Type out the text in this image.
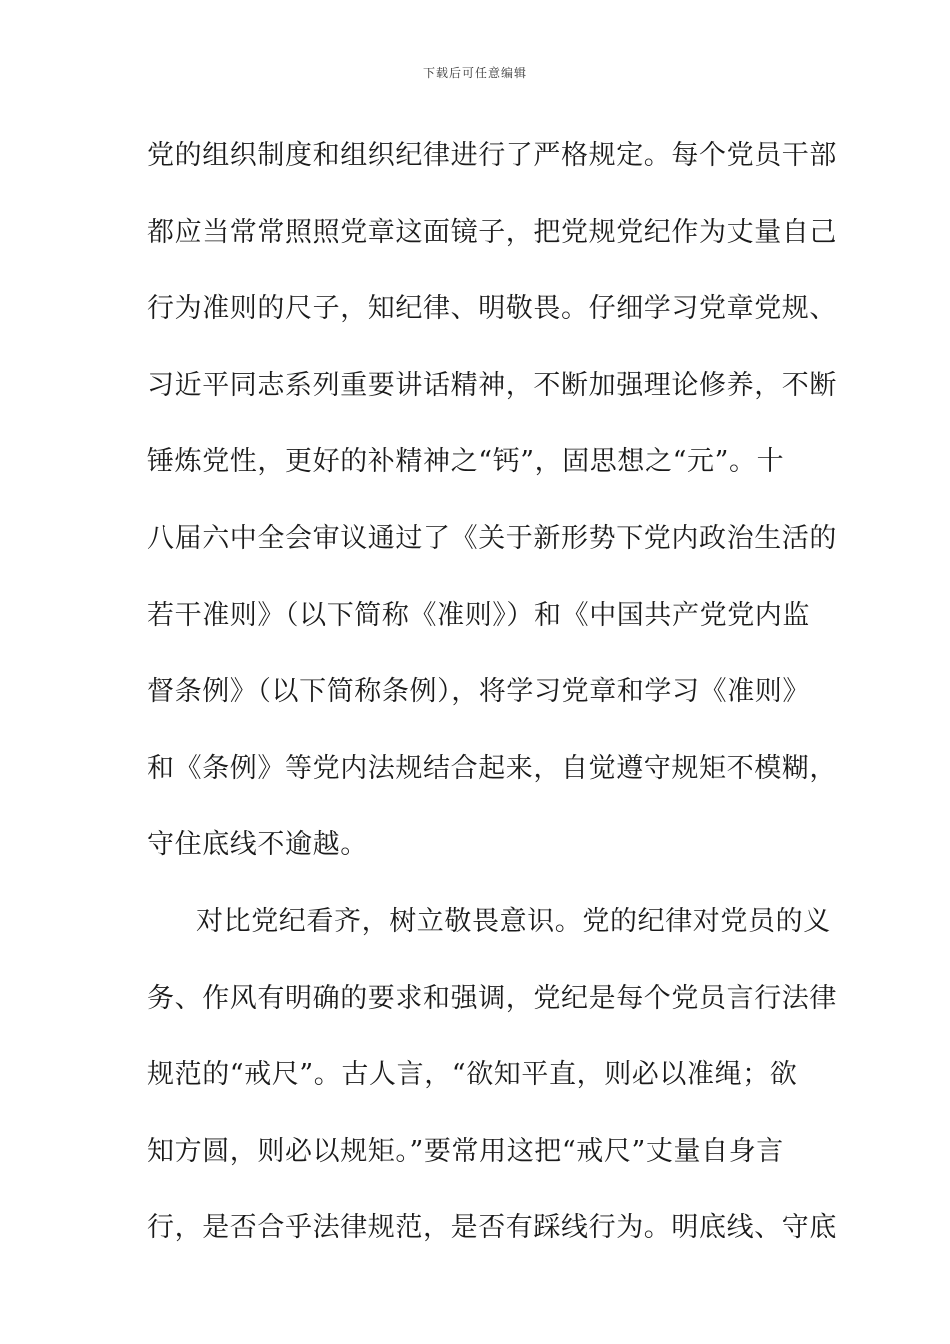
下载后可任意编辑
党的组织制度和组织纪律进行了严格规定。每个党员干部
都应当常常照照党章这面镜子，把党规党纪作为丈量自己
行为准则的尺子，知纪律、明敬畏。仔细学习党章党规、
习近平同志系列重要讲话精神，不断加强理论修养，不断
锤炼党性，更好的补精神之“钙”，固思想之“元”。十
八届六中全会审议通过了《关于新形势下党内政治生活的
若干准则》（以下简称《准则》）和《中国共产党党内监
督条例》（以下简称条例），将学习党章和学习《准则》
和《条例》等党内法规结合起来，自觉遵守规矩不模糊，
守住底线不逾越。
对比党纪看齐，树立敬畏意识。党的纪律对党员的义
务、作风有明确的要求和强调，党纪是每个党员言行法律
规范的“戒尺”。古人言，“欲知平直，则必以准绳；欲
知方圆，则必以规矩。”要常用这把“戒尺”丈量自身言
行，是否合乎法律规范，是否有踩线行为。明底线、守底
